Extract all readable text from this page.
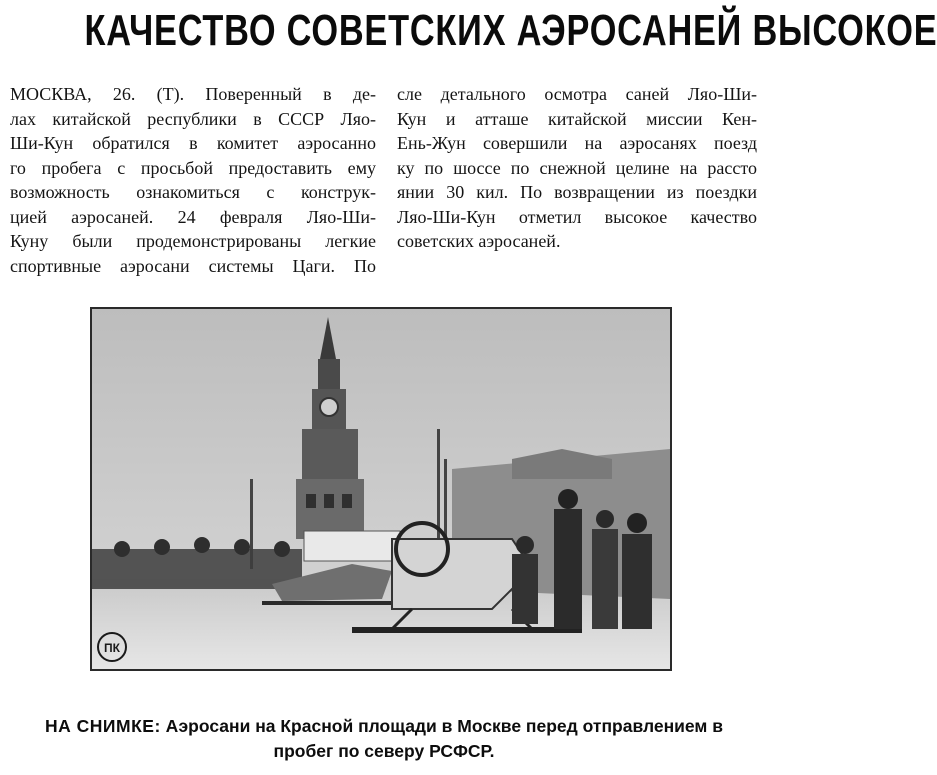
КАЧЕСТВО СОВЕТСКИХ АЭРОСАНЕЙ ВЫСОКОЕ
МОСКВА, 26. (Т). Поверенный в де-
лах китайской республики в СССР Ляо-
Ши-Кун обратился в комитет аэросанно
го пробега с просьбой предоставить ему
возможность ознакомиться с конструк-
цией аэросаней. 24 февраля Ляо-Ши-
Куну были продемонстрированы легкие
спортивные аэросани системы Цаги. По
сле детального осмотра саней Ляо-Ши-
Кун и атташе китайской миссии Кен-
Ень-Жун совершили на аэросанях поезд
ку по шоссе по снежной целине на рассто
янии 30 кил. По возвращении из поездки
Ляо-Ши-Кун отметил высокое качество
советских аэросаней.
ПК
НА СНИМКЕ: Аэросани на Красной площади в Москве перед отправлением в
пробег по северу РСФСР.
